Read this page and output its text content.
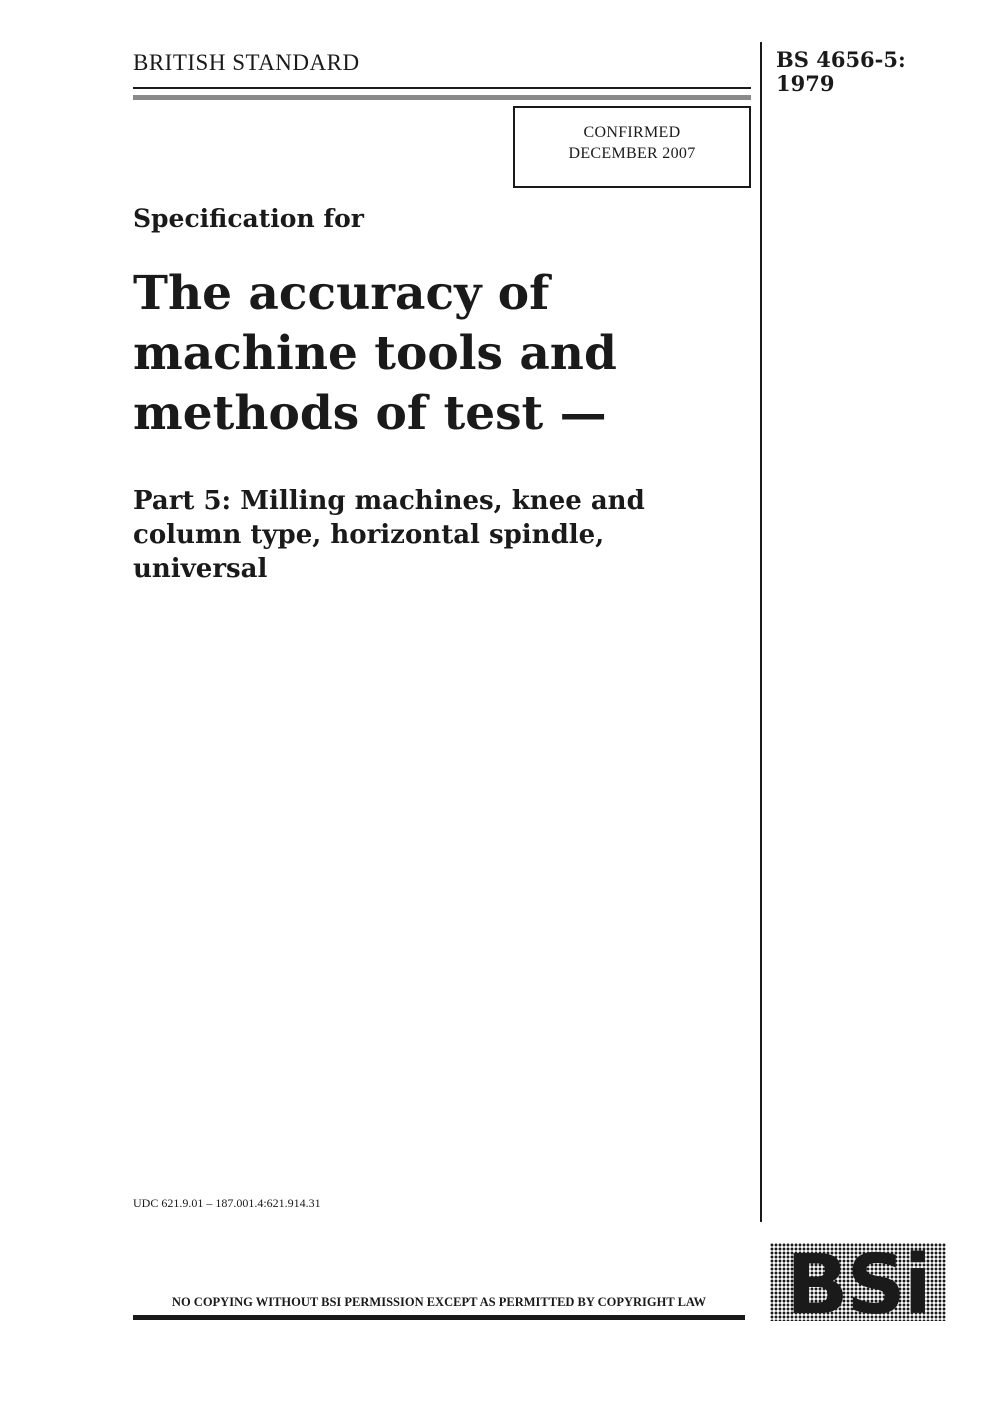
BRITISH STANDARD	BS 4656-5:
1979
CONFIRMED
DECEMBER 2007
Specification for
The accuracy of
machine tools and
methods of test —
Part 5: Milling machines, knee and
column type, horizontal spindle,
universal
UDC 621.9.01 – 187.001.4:621.914.31
NO COPYING WITHOUT BSI PERMISSION EXCEPT AS PERMITTED BY COPYRIGHT LAW BSi
